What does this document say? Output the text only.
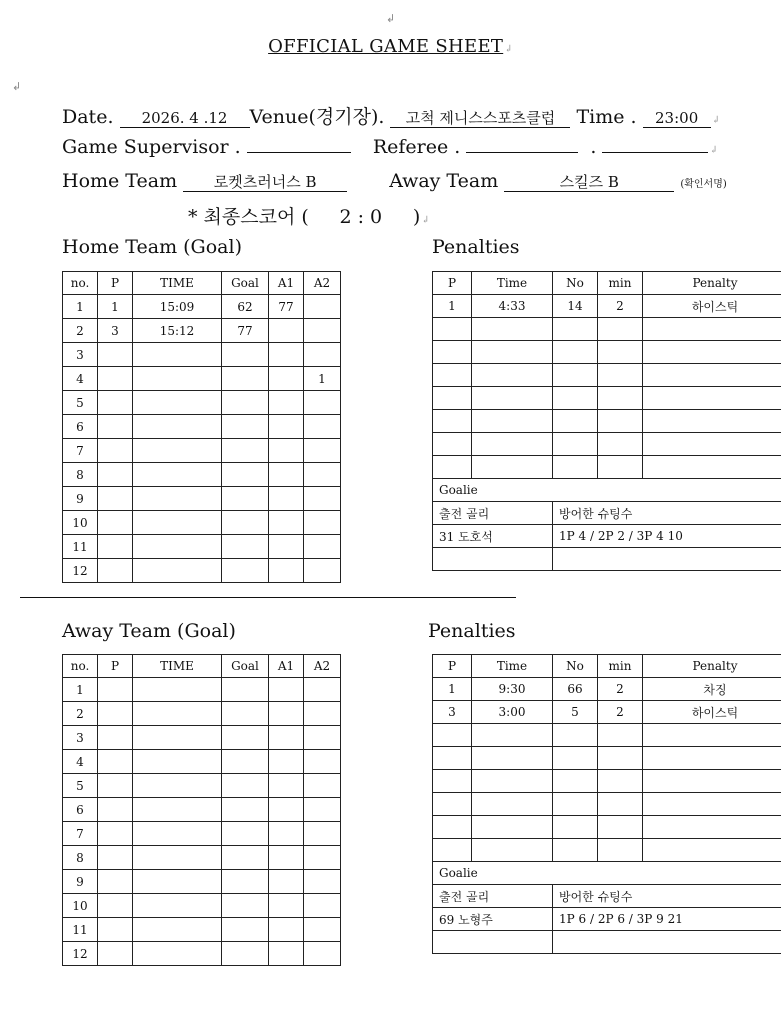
↲
↲
OFFICIAL GAME SHEET↲
Date. 2026. 4 .12 Venue(경기장). 고척 제니스스포츠클럽 Time . 23:00 ↲
Game Supervisor .	Referee .	.	↲
Home Team 로켓츠러너스 B	Away Team	스킬즈 B	(확인서명)
* 최종스코어 ( 2 : 0 )↲
Home Team (Goal)	Penalties
no.	P	TIME	Goal	A1	A2
1	1	15:09	62	77	
2	3	15:12	77		
3					
4					1
5					
6					
7					
8					
9					
10					
11					
12					
P	Time	No	min	Penalty
1	4:33	14	2	하이스틱

Goalie				
출전 골리		방어한 슈팅수		
31 도호석		1P 4 / 2P 2 / 3P 4 10		

Away Team (Goal)	Penalties
no.	P	TIME	Goal	A1	A2
1					
2					
3					
4					
5					
6					
7					
8					
9					
10					
11					
12					
P	Time	No	min	Penalty
1	9:30	66	2	차징
3	3:00	5	2	하이스틱

Goalie				
출전 골리		방어한 슈팅수		
69 노형주		1P 6 / 2P 6 / 3P 9 21		
